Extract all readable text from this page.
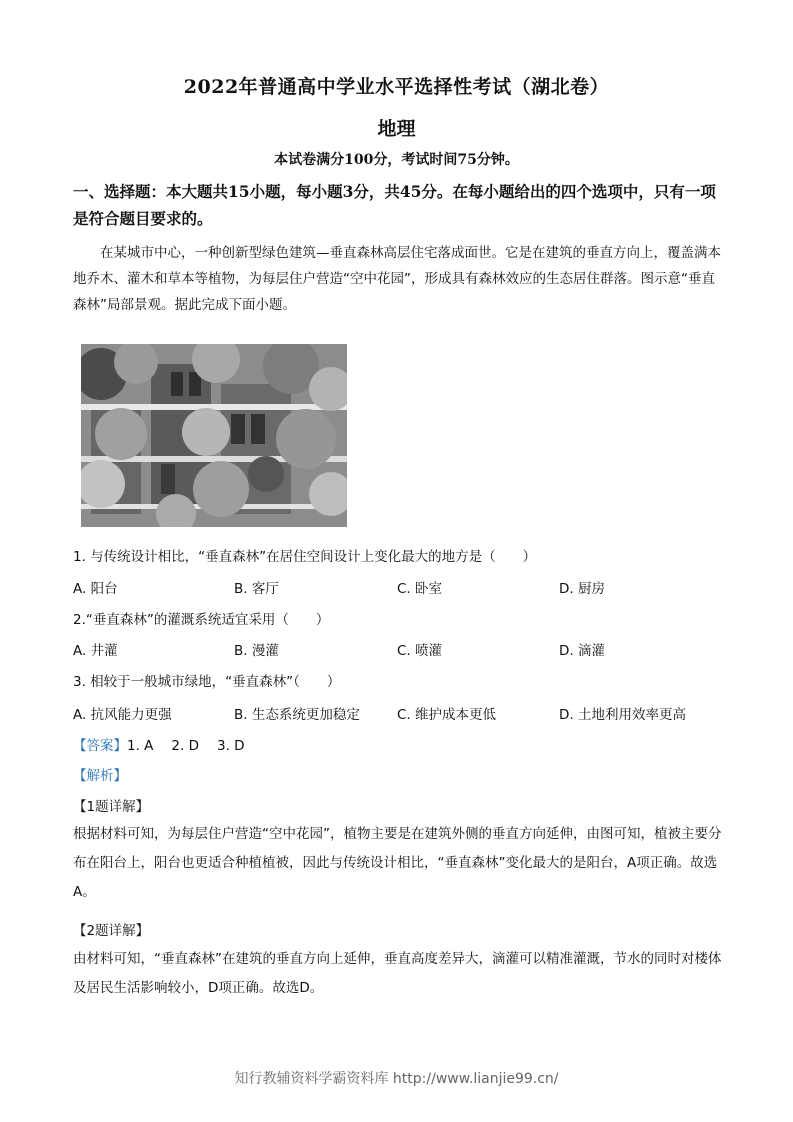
2022年普通高中学业水平选择性考试（湖北卷）
地理
本试卷满分100分，考试时间75分钟。
一、选择题：本大题共15小题，每小题3分，共45分。在每小题给出的四个选项中，只有一项是符合题目要求的。
在某城市中心，一种创新型绿色建筑—垂直森林高层住宅落成面世。它是在建筑的垂直方向上，覆盖满本地乔木、灌木和草本等植物，为每层住户营造“空中花园”，形成具有森林效应的生态居住群落。图示意“垂直森林”局部景观。据此完成下面小题。
1. 与传统设计相比，“垂直森林”在居住空间设计上变化最大的地方是（　　）
A. 阳台	B. 客厅	C. 卧室	D. 厨房
2.“垂直森林”的灌溉系统适宜采用（　　）
A. 井灌	B. 漫灌	C. 喷灌	D. 滴灌
3. 相较于一般城市绿地，“垂直森林”（　　）
A. 抗风能力更强	B. 生态系统更加稳定	C. 维护成本更低	D. 土地利用效率更高
【答案】1. A 2. D 3. D
【解析】
【1题详解】
根据材料可知，为每层住户营造“空中花园”，植物主要是在建筑外侧的垂直方向延伸，由图可知，植被主要分布在阳台上，阳台也更适合种植植被，因此与传统设计相比，“垂直森林”变化最大的是阳台，A项正确。故选A。
【2题详解】
由材料可知，“垂直森林”在建筑的垂直方向上延伸，垂直高度差异大，滴灌可以精准灌溉，节水的同时对楼体及居民生活影响较小，D项正确。故选D。
知行教辅资料学霸资料库 http://www.lianjie99.cn/
